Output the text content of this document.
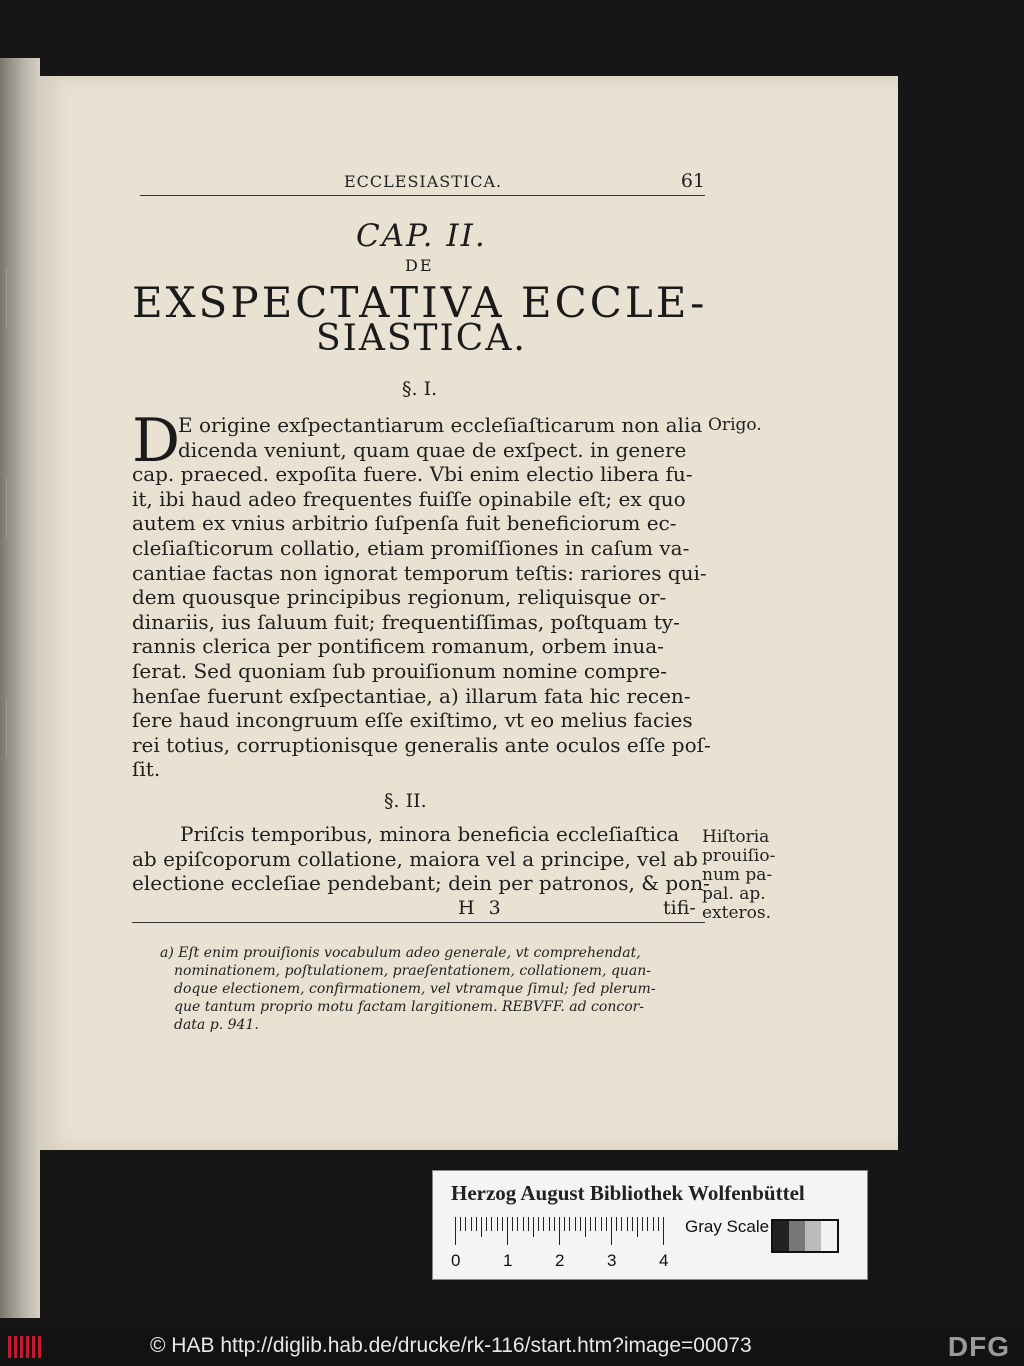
ECCLESIASTICA.	61
CAP. II.
DE
EXSPECTATIVA ECCLE-
SIASTICA.
§. I.
D
E origine exſpectantiarum eccleſiaſticarum non alia
dicenda veniunt, quam quae de exſpect. in genere
cap. praeced. expoſita fuere. Vbi enim electio libera fu-
it, ibi haud adeo frequentes fuiſſe opinabile eſt; ex quo
autem ex vnius arbitrio ſuſpenſa fuit beneficiorum ec-
cleſiaſticorum collatio, etiam promiſſiones in caſum va-
cantiae factas non ignorat temporum teſtis: rariores qui-
dem quousque principibus regionum, reliquisque or-
dinariis, ius ſaluum fuit; frequentiſſimas, poſtquam ty-
rannis clerica per pontificem romanum, orbem inua-
ſerat. Sed quoniam ſub prouiſionum nomine compre-
henſae fuerunt exſpectantiae, a) illarum fata hic recen-
ſere haud incongruum eſſe exiſtimo, vt eo melius facies
rei totius, corruptionisque generalis ante oculos eſſe poſ-
ſit.
Origo.
§. II.
Priſcis temporibus, minora beneficia eccleſiaſtica
ab epiſcoporum collatione, maiora vel a principe, vel ab
electione eccleſiae pendebant; dein per patronos, & pon-
Hiſtoria
prouiſio-
num pa-
pal. ap.
exteros.
H 3	tifi-
a) Eſt enim prouiſionis vocabulum adeo generale, vt comprehendat,
nominationem, poſtulationem, praeſentationem, collationem, quan-
doque electionem, confirmationem, vel vtramque ſimul; ſed plerum-
que tantum proprio motu factam largitionem. REBVFF. ad concor-
data p. 941.
Herzog August Bibliothek Wolfenbüttel
0	1	2	3	4
Gray Scale
© HAB http://diglib.hab.de/drucke/rk-116/start.htm?image=00073	DFG
